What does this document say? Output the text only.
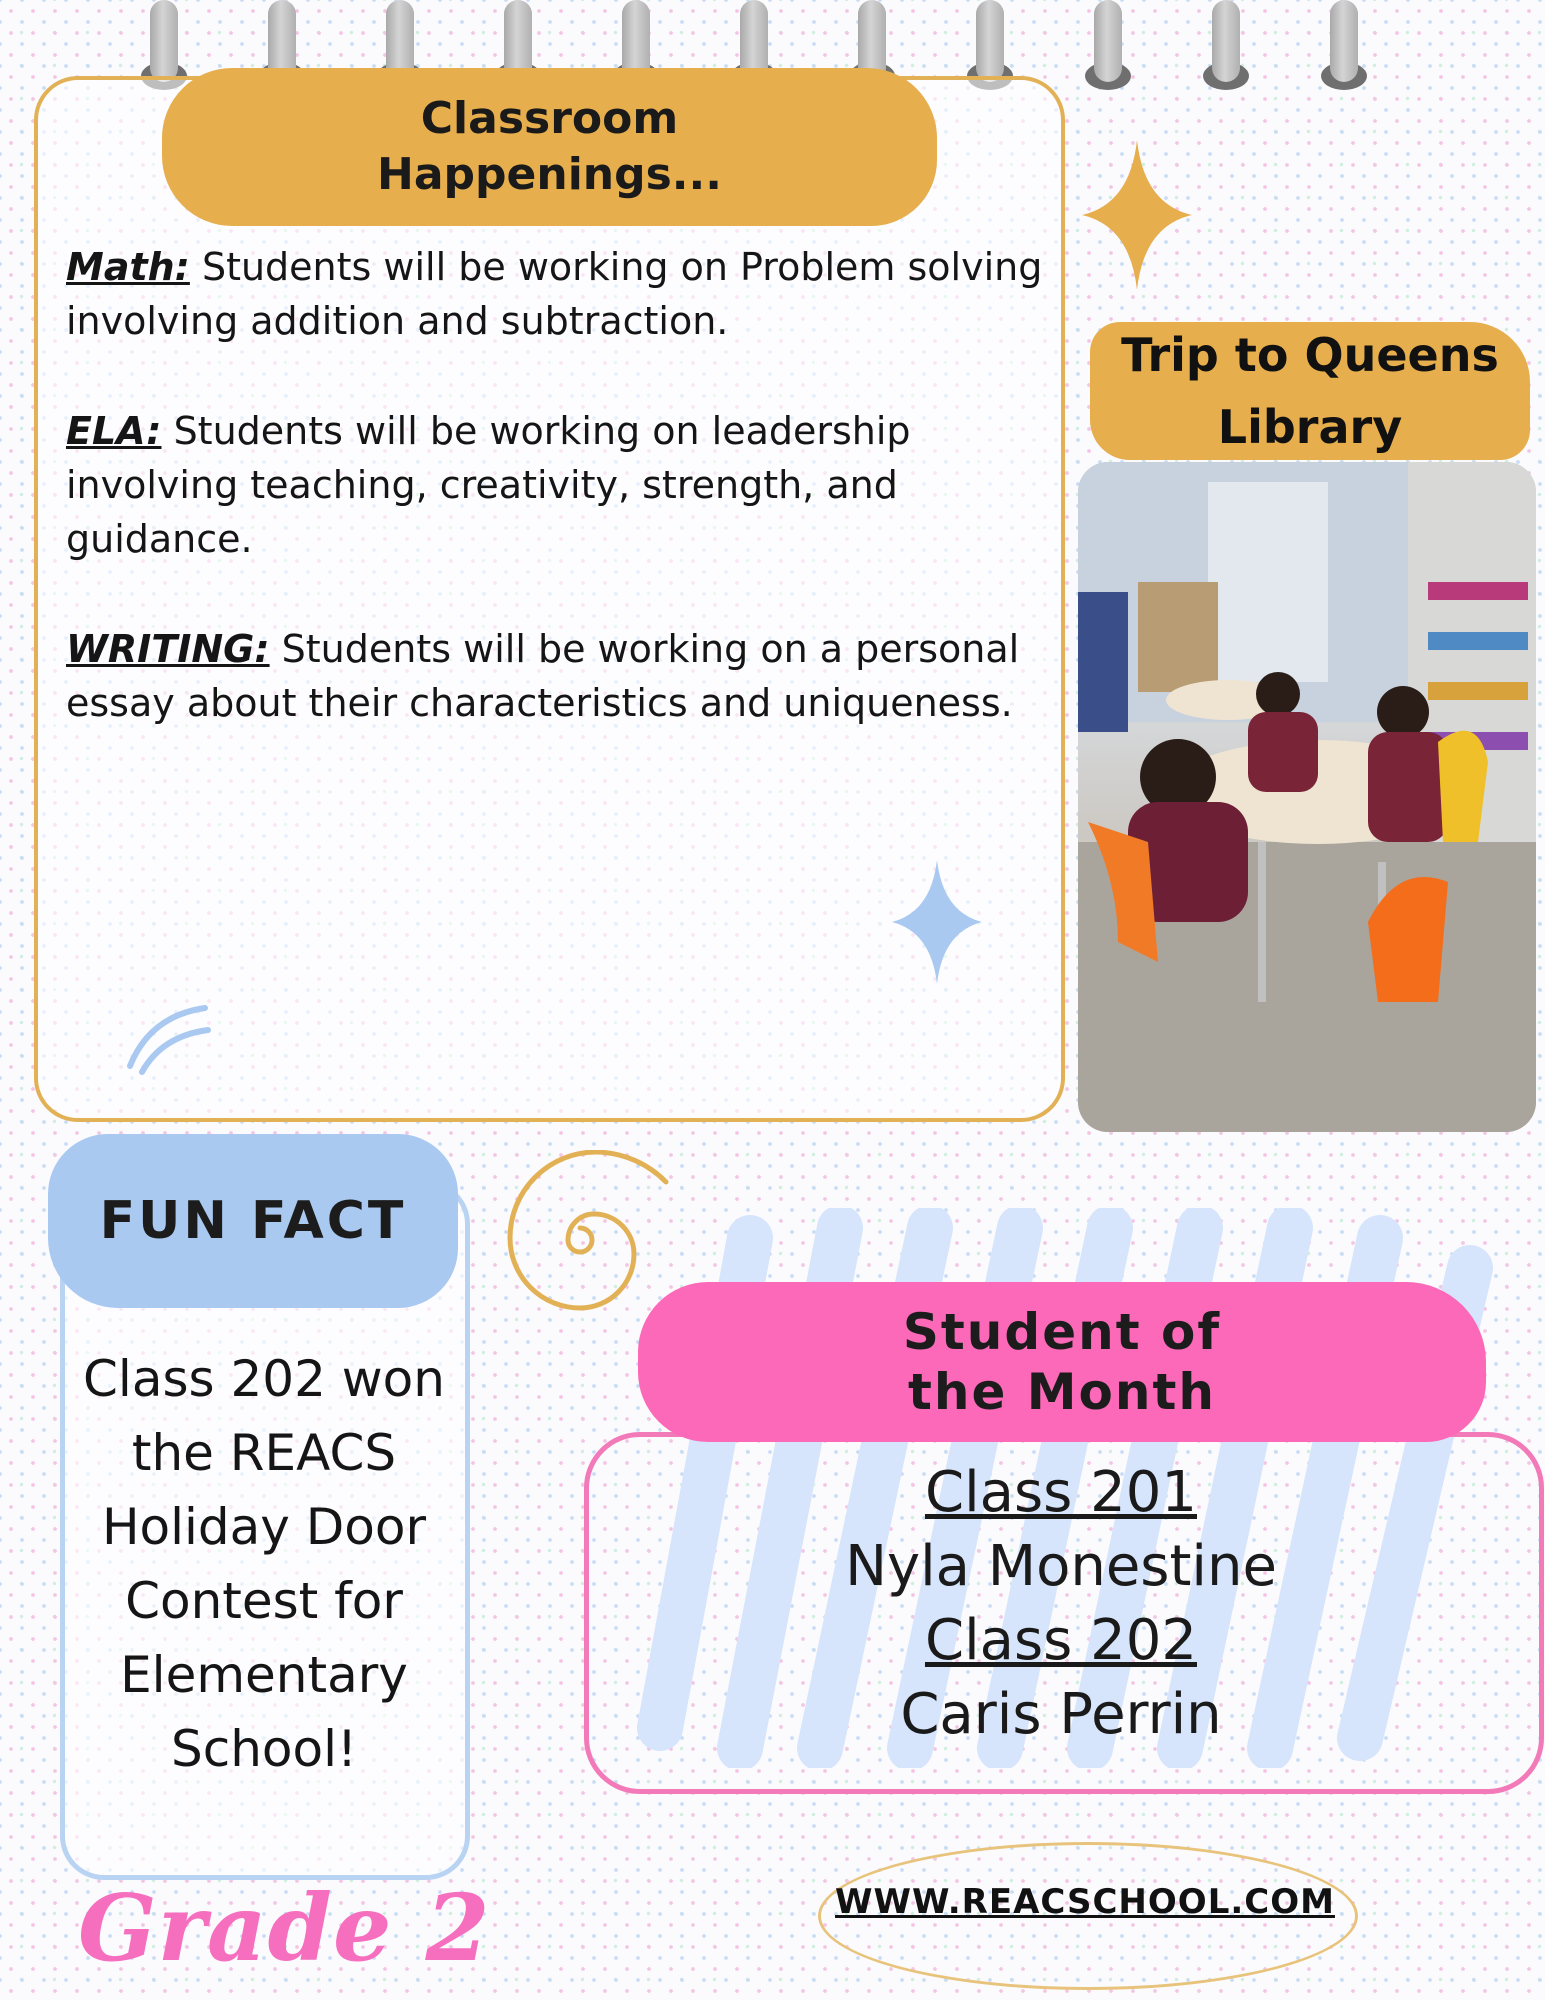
Classroom
Happenings...
Math: Students will be working on Problem solving involving addition and subtraction.
ELA: Students will be working on leadership involving teaching, creativity, strength, and guidance.
WRITING: Students will be working on a personal essay about their characteristics and uniqueness.
Trip to Queens
Library
FUN FACT
Class 202 won
the REACS
Holiday Door
Contest for
Elementary
School!
Student of
the Month
Class 201
Nyla Monestine
Class 202
Caris Perrin
Grade 2	WWW.REACSCHOOL.COM
